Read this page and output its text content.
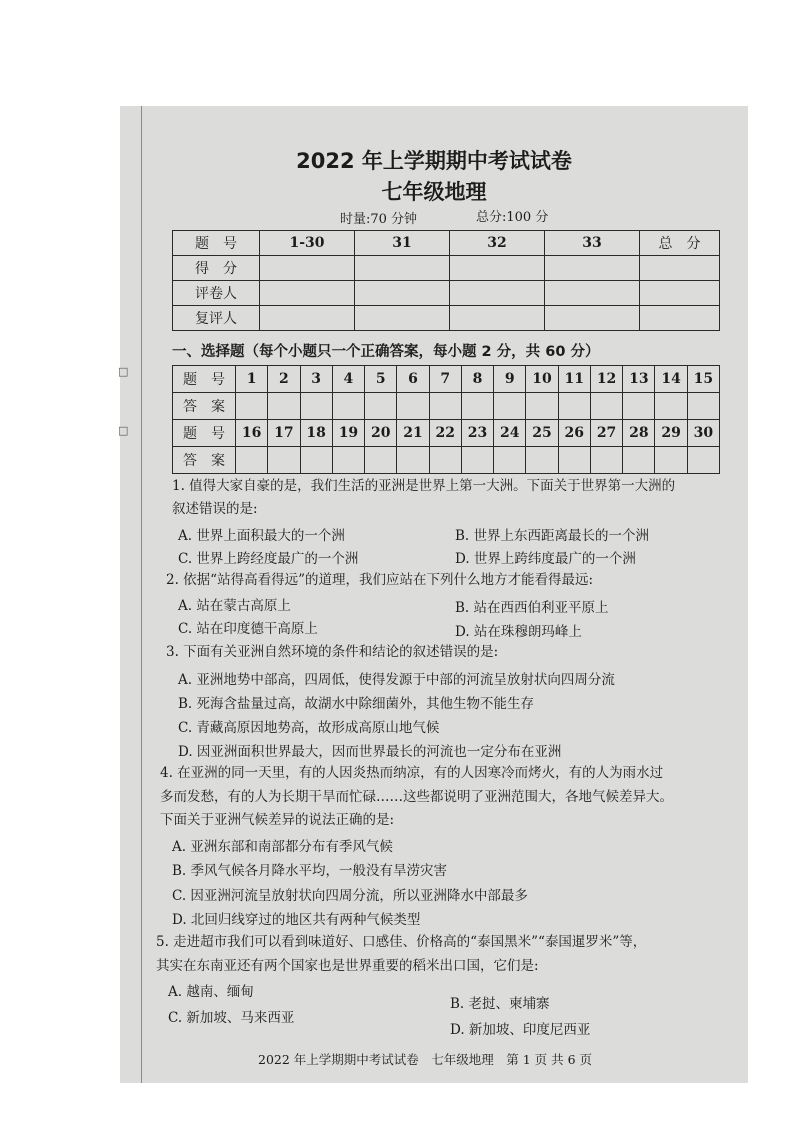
□
□
2022 年上学期期中考试试卷
七年级地理
时量:70 分钟	总分:100 分
题　号	1-30	31	32	33	总　分
得　分					
评卷人					
复评人					
一、选择题（每个小题只一个正确答案，每小题 2 分，共 60 分）
题　号	1	2	3	4	5	6	7	8	9	10	11	12	13	14	15
答　案															
题　号	16	17	18	19	20	21	22	23	24	25	26	27	28	29	30
答　案															
1. 值得大家自豪的是，我们生活的亚洲是世界上第一大洲。下面关于世界第一大洲的
叙述错误的是:
A. 世界上面积最大的一个洲	B. 世界上东西距离最长的一个洲
C. 世界上跨经度最广的一个洲	D. 世界上跨纬度最广的一个洲
2. 依据“站得高看得远”的道理，我们应站在下列什么地方才能看得最远:
A. 站在蒙古高原上	B. 站在西西伯利亚平原上
C. 站在印度德干高原上	D. 站在珠穆朗玛峰上
3. 下面有关亚洲自然环境的条件和结论的叙述错误的是:
A. 亚洲地势中部高，四周低，使得发源于中部的河流呈放射状向四周分流
B. 死海含盐量过高，故湖水中除细菌外，其他生物不能生存
C. 青藏高原因地势高，故形成高原山地气候
D. 因亚洲面积世界最大，因而世界最长的河流也一定分布在亚洲
4. 在亚洲的同一天里，有的人因炎热而纳凉，有的人因寒冷而烤火，有的人为雨水过
多而发愁，有的人为长期干旱而忙碌……这些都说明了亚洲范围大，各地气候差异大。
下面关于亚洲气候差异的说法正确的是:
A. 亚洲东部和南部都分布有季风气候
B. 季风气候各月降水平均，一般没有旱涝灾害
C. 因亚洲河流呈放射状向四周分流，所以亚洲降水中部最多
D. 北回归线穿过的地区共有两种气候类型
5. 走进超市我们可以看到味道好、口感佳、价格高的“泰国黑米”“泰国暹罗米”等，
其实在东南亚还有两个国家也是世界重要的稻米出口国，它们是:
A. 越南、缅甸
B. 老挝、柬埔寨
C. 新加坡、马来西亚
D. 新加坡、印度尼西亚
2022 年上学期期中考试试卷　七年级地理　第 1 页 共 6 页
